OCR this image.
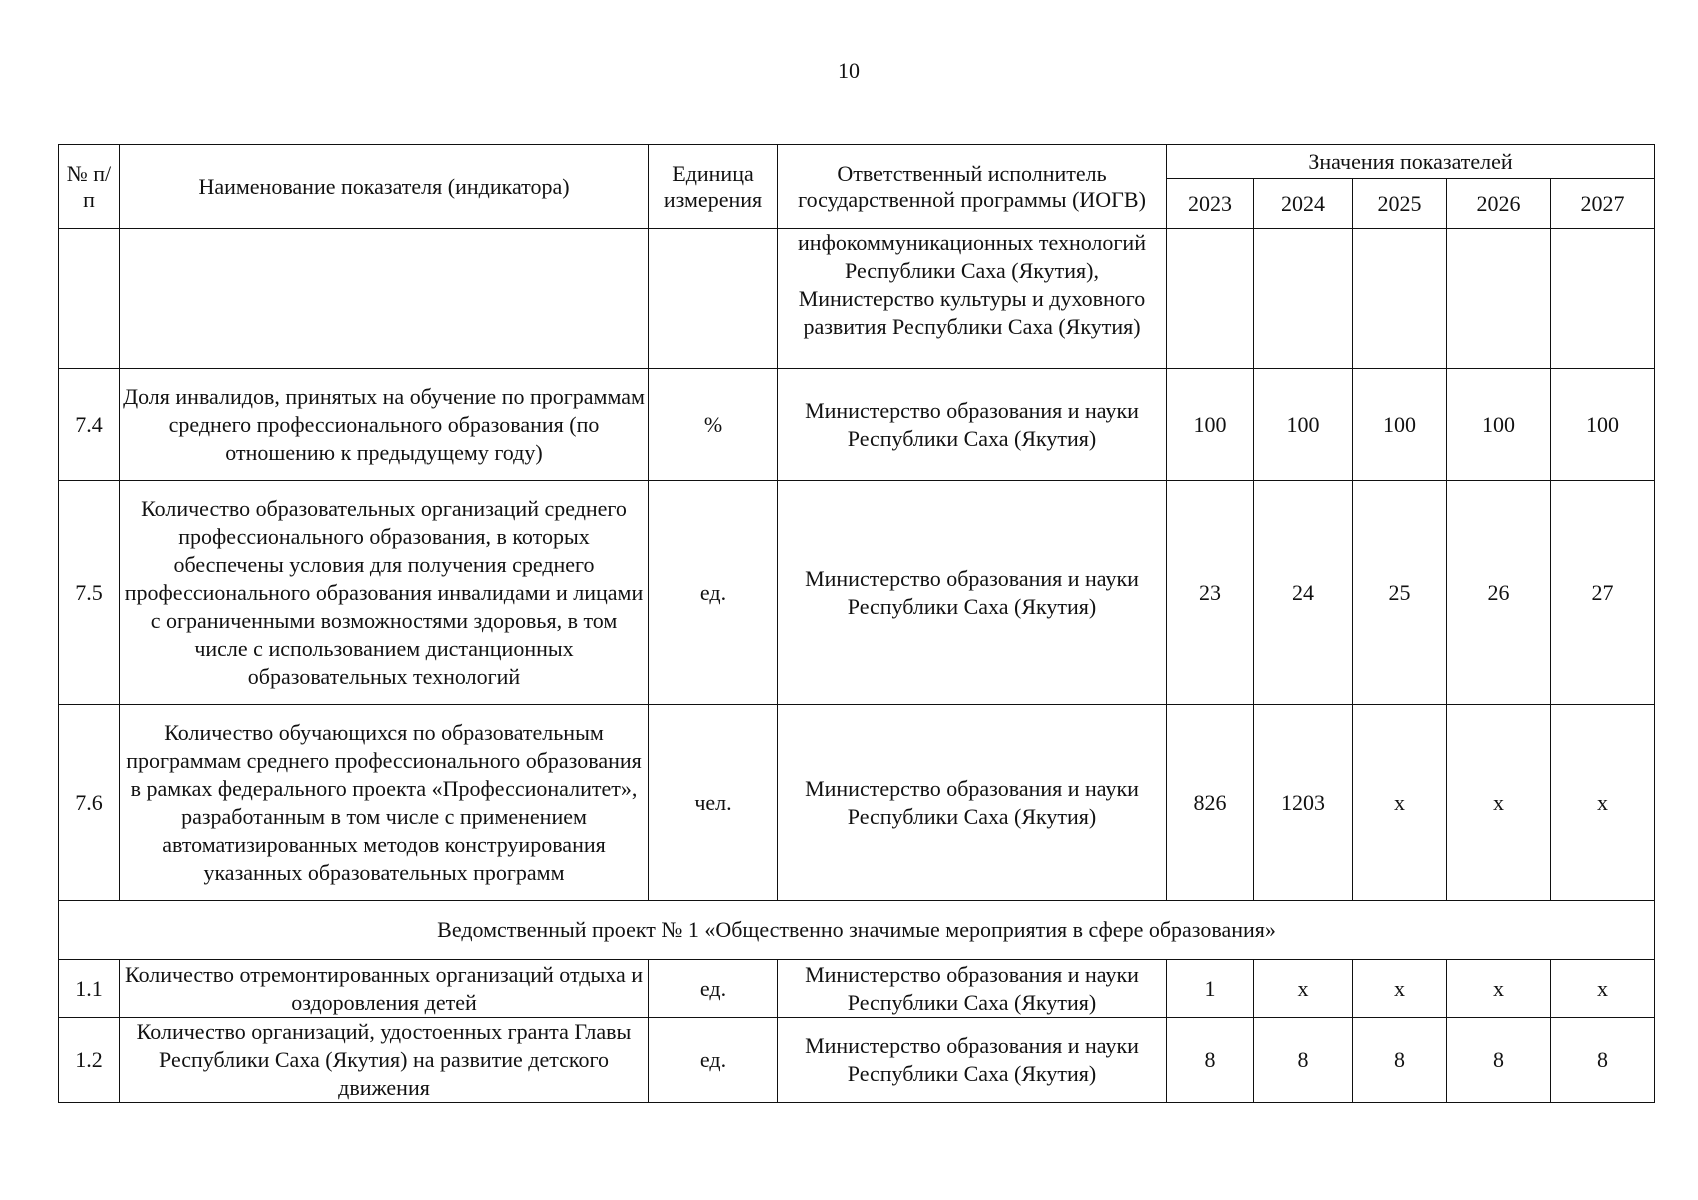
10
№ п/п	Наименование показателя (индикатора)	Единица измерения	Ответственный исполнитель государственной программы (ИОГВ)	Значения показателей				
				2023	2024	2025	2026	2027
			инфокоммуникационных технологий Республики Саха (Якутия), Министерство культуры и духовного развития Республики Саха (Якутия)					
7.4	Доля инвалидов, принятых на обучение по программам среднего профессионального образования (по отношению к предыдущему году)	%	Министерство образования и науки Республики Саха (Якутия)	100	100	100	100	100
7.5	Количество образовательных организаций среднего профессионального образования, в которых обеспечены условия для получения среднего профессионального образования инвалидами и лицами с ограниченными возможностями здоровья, в том числе с использованием дистанционных образовательных технологий	ед.	Министерство образования и науки Республики Саха (Якутия)	23	24	25	26	27
7.6	Количество обучающихся по образовательным программам среднего профессионального образования в рамках федерального проекта «Профессионалитет», разработанным в том числе с применением автоматизированных методов конструирования указанных образовательных программ	чел.	Министерство образования и науки Республики Саха (Якутия)	826	1203	х	х	х
Ведомственный проект № 1 «Общественно значимые мероприятия в сфере образования»								
1.1	Количество отремонтированных организаций отдыха и оздоровления детей	ед.	Министерство образования и науки Республики Саха (Якутия)	1	х	х	х	х
1.2	Количество организаций, удостоенных гранта Главы Республики Саха (Якутия) на развитие детского движения	ед.	Министерство образования и науки Республики Саха (Якутия)	8	8	8	8	8
